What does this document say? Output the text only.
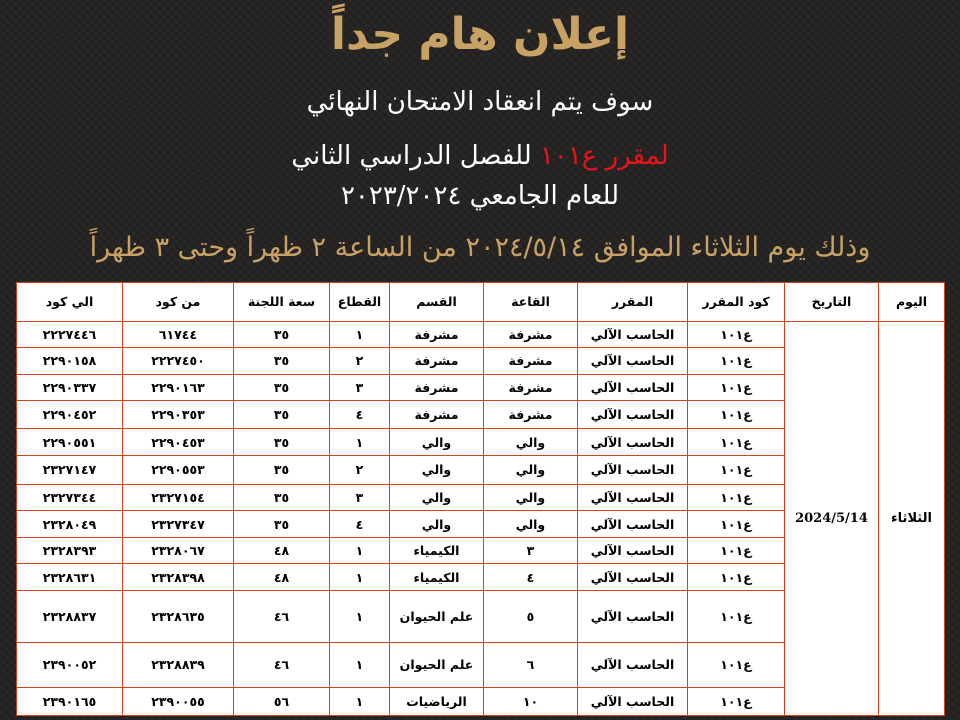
إعلان هام جداً
سوف يتم انعقاد الامتحان النهائي
لمقرر ع١٠١ للفصل الدراسي الثاني
للعام الجامعي ٢٠٢٣/٢٠٢٤
وذلك يوم الثلاثاء الموافق ٢٠٢٤/٥/١٤ من الساعة ٢ ظهراً وحتى ٣ ظهراً
اليوم	التاريخ	كود المقرر	المقرر	القاعة	القسم	القطاع	سعة اللجنة	من كود	الي كود
الثلاثاء	2024/5/14	ع١٠١	الحاسب الآلي	مشرفة	مشرفة	١	٣٥	٦١٧٤٤	٢٢٢٧٤٤٦
		ع١٠١	الحاسب الآلي	مشرفة	مشرفة	٢	٣٥	٢٢٢٧٤٥٠	٢٢٩٠١٥٨
		ع١٠١	الحاسب الآلي	مشرفة	مشرفة	٣	٣٥	٢٢٩٠١٦٣	٢٢٩٠٣٣٧
		ع١٠١	الحاسب الآلي	مشرفة	مشرفة	٤	٣٥	٢٢٩٠٣٥٣	٢٢٩٠٤٥٢
		ع١٠١	الحاسب الآلي	والي	والي	١	٣٥	٢٢٩٠٤٥٣	٢٢٩٠٥٥١
		ع١٠١	الحاسب الآلي	والي	والي	٢	٣٥	٢٢٩٠٥٥٣	٢٣٢٧١٤٧
		ع١٠١	الحاسب الآلي	والي	والي	٣	٣٥	٢٣٢٧١٥٤	٢٣٢٧٣٤٤
		ع١٠١	الحاسب الآلي	والي	والي	٤	٣٥	٢٣٢٧٣٤٧	٢٣٢٨٠٤٩
		ع١٠١	الحاسب الآلي	٣	الكيمياء	١	٤٨	٢٣٢٨٠٦٧	٢٣٢٨٣٩٣
		ع١٠١	الحاسب الآلي	٤	الكيمياء	١	٤٨	٢٣٢٨٣٩٨	٢٣٢٨٦٣١
		ع١٠١	الحاسب الآلي	٥	علم الحيوان	١	٤٦	٢٣٢٨٦٣٥	٢٣٢٨٨٣٧
		ع١٠١	الحاسب الآلي	٦	علم الحيوان	١	٤٦	٢٣٢٨٨٣٩	٢٣٩٠٠٥٢
		ع١٠١	الحاسب الآلي	١٠	الرياضيات	١	٥٦	٢٣٩٠٠٥٥	٢٣٩٠١٦٥
